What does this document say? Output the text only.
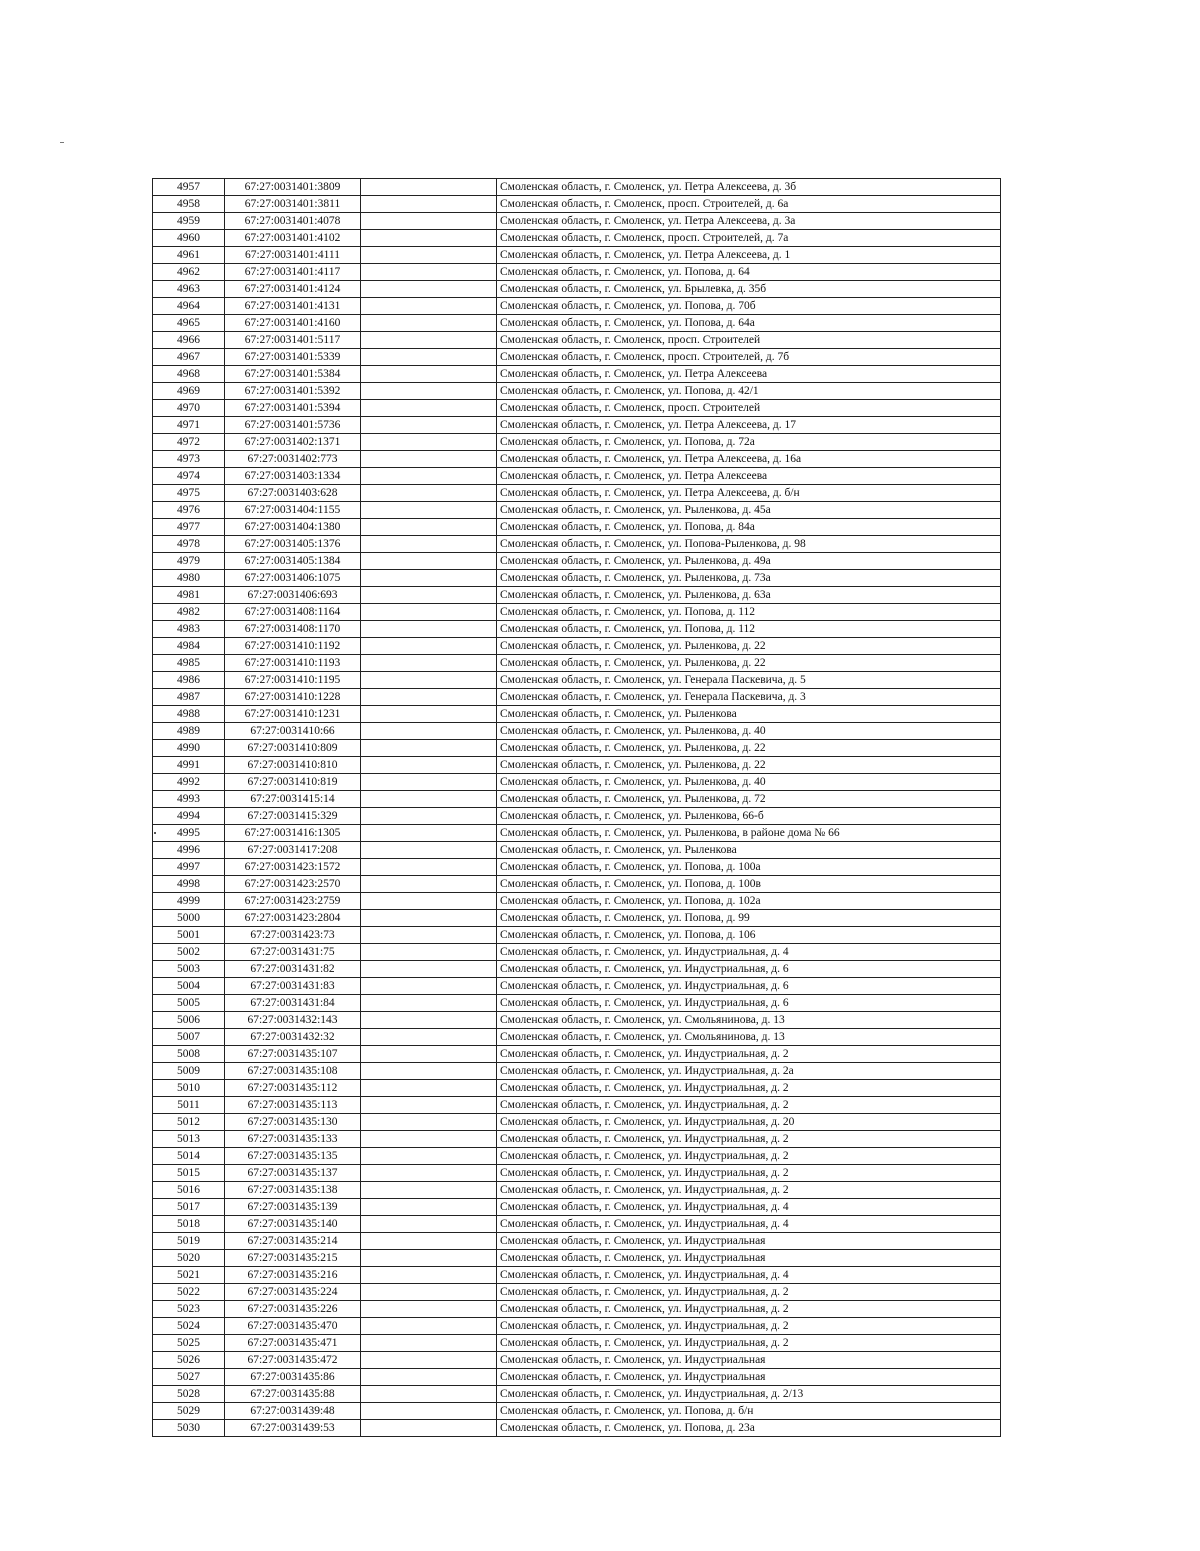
4957	67:27:0031401:3809		Смоленская область, г. Смоленск, ул. Петра Алексеева, д. 3б
4958	67:27:0031401:3811		Смоленская область, г. Смоленск, просп. Строителей, д. 6а
4959	67:27:0031401:4078		Смоленская область, г. Смоленск, ул. Петра Алексеева, д. 3а
4960	67:27:0031401:4102		Смоленская область, г. Смоленск, просп. Строителей, д. 7а
4961	67:27:0031401:4111		Смоленская область, г. Смоленск, ул. Петра Алексеева, д. 1
4962	67:27:0031401:4117		Смоленская область, г. Смоленск, ул. Попова, д. 64
4963	67:27:0031401:4124		Смоленская область, г. Смоленск, ул. Брылевка, д. 35б
4964	67:27:0031401:4131		Смоленская область, г. Смоленск, ул. Попова, д. 70б
4965	67:27:0031401:4160		Смоленская область, г. Смоленск, ул. Попова, д. 64а
4966	67:27:0031401:5117		Смоленская область, г. Смоленск, просп. Строителей
4967	67:27:0031401:5339		Смоленская область, г. Смоленск, просп. Строителей, д. 7б
4968	67:27:0031401:5384		Смоленская область, г. Смоленск, ул. Петра Алексеева
4969	67:27:0031401:5392		Смоленская область, г. Смоленск, ул. Попова, д. 42/1
4970	67:27:0031401:5394		Смоленская область, г. Смоленск, просп. Строителей
4971	67:27:0031401:5736		Смоленская область, г. Смоленск, ул. Петра Алексеева, д. 17
4972	67:27:0031402:1371		Смоленская область, г. Смоленск, ул. Попова, д. 72а
4973	67:27:0031402:773		Смоленская область, г. Смоленск, ул. Петра Алексеева, д. 16а
4974	67:27:0031403:1334		Смоленская область, г. Смоленск, ул. Петра Алексеева
4975	67:27:0031403:628		Смоленская область, г. Смоленск, ул. Петра Алексеева, д. б/н
4976	67:27:0031404:1155		Смоленская область, г. Смоленск, ул. Рыленкова, д. 45а
4977	67:27:0031404:1380		Смоленская область, г. Смоленск, ул. Попова, д. 84а
4978	67:27:0031405:1376		Смоленская область, г. Смоленск, ул. Попова-Рыленкова, д. 98
4979	67:27:0031405:1384		Смоленская область, г. Смоленск, ул. Рыленкова, д. 49а
4980	67:27:0031406:1075		Смоленская область, г. Смоленск, ул. Рыленкова, д. 73а
4981	67:27:0031406:693		Смоленская область, г. Смоленск, ул. Рыленкова, д. 63а
4982	67:27:0031408:1164		Смоленская область, г. Смоленск, ул. Попова, д. 112
4983	67:27:0031408:1170		Смоленская область, г. Смоленск, ул. Попова, д. 112
4984	67:27:0031410:1192		Смоленская область, г. Смоленск, ул. Рыленкова, д. 22
4985	67:27:0031410:1193		Смоленская область, г. Смоленск, ул. Рыленкова, д. 22
4986	67:27:0031410:1195		Смоленская область, г. Смоленск, ул. Генерала Паскевича, д. 5
4987	67:27:0031410:1228		Смоленская область, г. Смоленск, ул. Генерала Паскевича, д. 3
4988	67:27:0031410:1231		Смоленская область, г. Смоленск, ул. Рыленкова
4989	67:27:0031410:66		Смоленская область, г. Смоленск, ул. Рыленкова, д. 40
4990	67:27:0031410:809		Смоленская область, г. Смоленск, ул. Рыленкова, д. 22
4991	67:27:0031410:810		Смоленская область, г. Смоленск, ул. Рыленкова, д. 22
4992	67:27:0031410:819		Смоленская область, г. Смоленск, ул. Рыленкова, д. 40
4993	67:27:0031415:14		Смоленская область, г. Смоленск, ул. Рыленкова, д. 72
4994	67:27:0031415:329		Смоленская область, г. Смоленск, ул. Рыленкова, 66-б
4995	67:27:0031416:1305		Смоленская область, г. Смоленск, ул. Рыленкова, в районе дома № 66
4996	67:27:0031417:208		Смоленская область, г. Смоленск, ул. Рыленкова
4997	67:27:0031423:1572		Смоленская область, г. Смоленск, ул. Попова, д. 100а
4998	67:27:0031423:2570		Смоленская область, г. Смоленск, ул. Попова, д. 100в
4999	67:27:0031423:2759		Смоленская область, г. Смоленск, ул. Попова, д. 102а
5000	67:27:0031423:2804		Смоленская область, г. Смоленск, ул. Попова, д. 99
5001	67:27:0031423:73		Смоленская область, г. Смоленск, ул. Попова, д. 106
5002	67:27:0031431:75		Смоленская область, г. Смоленск, ул. Индустриальная, д. 4
5003	67:27:0031431:82		Смоленская область, г. Смоленск, ул. Индустриальная, д. 6
5004	67:27:0031431:83		Смоленская область, г. Смоленск, ул. Индустриальная, д. 6
5005	67:27:0031431:84		Смоленская область, г. Смоленск, ул. Индустриальная, д. 6
5006	67:27:0031432:143		Смоленская область, г. Смоленск, ул. Смольянинова, д. 13
5007	67:27:0031432:32		Смоленская область, г. Смоленск, ул. Смольянинова, д. 13
5008	67:27:0031435:107		Смоленская область, г. Смоленск, ул. Индустриальная, д. 2
5009	67:27:0031435:108		Смоленская область, г. Смоленск, ул. Индустриальная, д. 2а
5010	67:27:0031435:112		Смоленская область, г. Смоленск, ул. Индустриальная, д. 2
5011	67:27:0031435:113		Смоленская область, г. Смоленск, ул. Индустриальная, д. 2
5012	67:27:0031435:130		Смоленская область, г. Смоленск, ул. Индустриальная, д. 20
5013	67:27:0031435:133		Смоленская область, г. Смоленск, ул. Индустриальная, д. 2
5014	67:27:0031435:135		Смоленская область, г. Смоленск, ул. Индустриальная, д. 2
5015	67:27:0031435:137		Смоленская область, г. Смоленск, ул. Индустриальная, д. 2
5016	67:27:0031435:138		Смоленская область, г. Смоленск, ул. Индустриальная, д. 2
5017	67:27:0031435:139		Смоленская область, г. Смоленск, ул. Индустриальная, д. 4
5018	67:27:0031435:140		Смоленская область, г. Смоленск, ул. Индустриальная, д. 4
5019	67:27:0031435:214		Смоленская область, г. Смоленск, ул. Индустриальная
5020	67:27:0031435:215		Смоленская область, г. Смоленск, ул. Индустриальная
5021	67:27:0031435:216		Смоленская область, г. Смоленск, ул. Индустриальная, д. 4
5022	67:27:0031435:224		Смоленская область, г. Смоленск, ул. Индустриальная, д. 2
5023	67:27:0031435:226		Смоленская область, г. Смоленск, ул. Индустриальная, д. 2
5024	67:27:0031435:470		Смоленская область, г. Смоленск, ул. Индустриальная, д. 2
5025	67:27:0031435:471		Смоленская область, г. Смоленск, ул. Индустриальная, д. 2
5026	67:27:0031435:472		Смоленская область, г. Смоленск, ул. Индустриальная
5027	67:27:0031435:86		Смоленская область, г. Смоленск, ул. Индустриальная
5028	67:27:0031435:88		Смоленская область, г. Смоленск, ул. Индустриальная, д. 2/13
5029	67:27:0031439:48		Смоленская область, г. Смоленск, ул. Попова, д. б/н
5030	67:27:0031439:53		Смоленская область, г. Смоленск, ул. Попова, д. 23а
